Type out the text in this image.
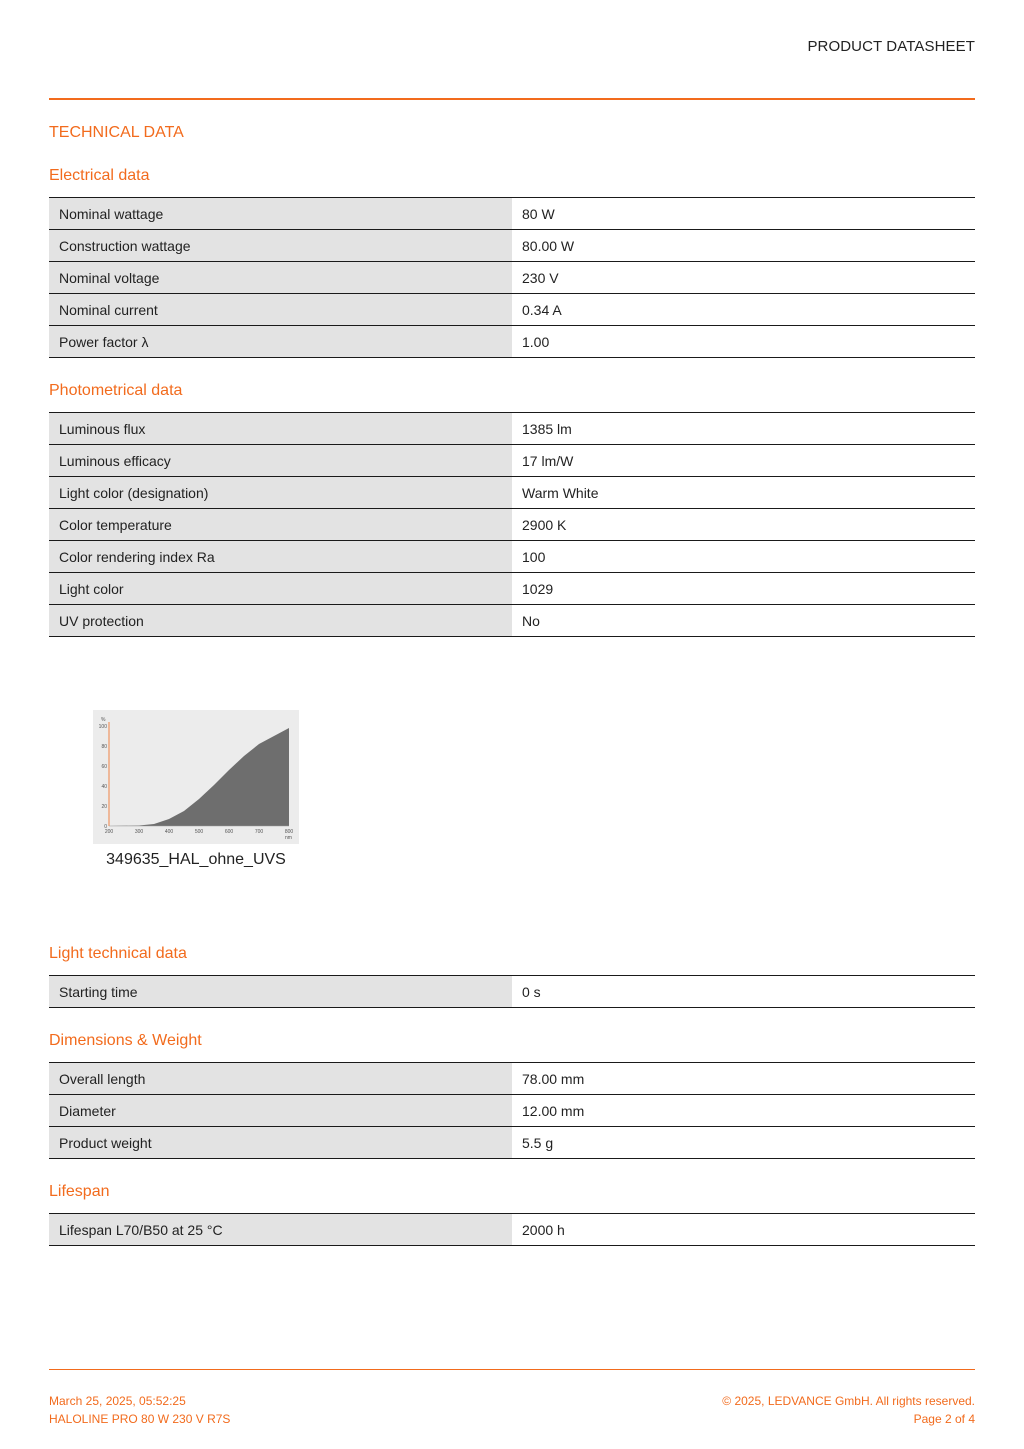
PRODUCT DATASHEET
TECHNICAL DATA
Electrical data
Nominal wattage	80 W
Construction wattage	80.00 W
Nominal voltage	230 V
Nominal current	0.34 A
Power factor λ	1.00
Photometrical data
Luminous flux	1385 lm
Luminous efficacy	17 lm/W
Light color (designation)	Warm White
Color temperature	2900 K
Color rendering index Ra	100
Light color	1029
UV protection	No
0
20
40
60
80
100
200	300	400	500	600	700	800
%
nm
349635_HAL_ohne_UVS
Light technical data
Starting time	0 s
Dimensions & Weight
Overall length	78.00 mm
Diameter	12.00 mm
Product weight	5.5 g
Lifespan
Lifespan L70/B50 at 25 °C	2000 h
March 25, 2025, 05:52:25
HALOLINE PRO 80 W 230 V R7S
© 2025, LEDVANCE GmbH. All rights reserved.
Page 2 of 4
